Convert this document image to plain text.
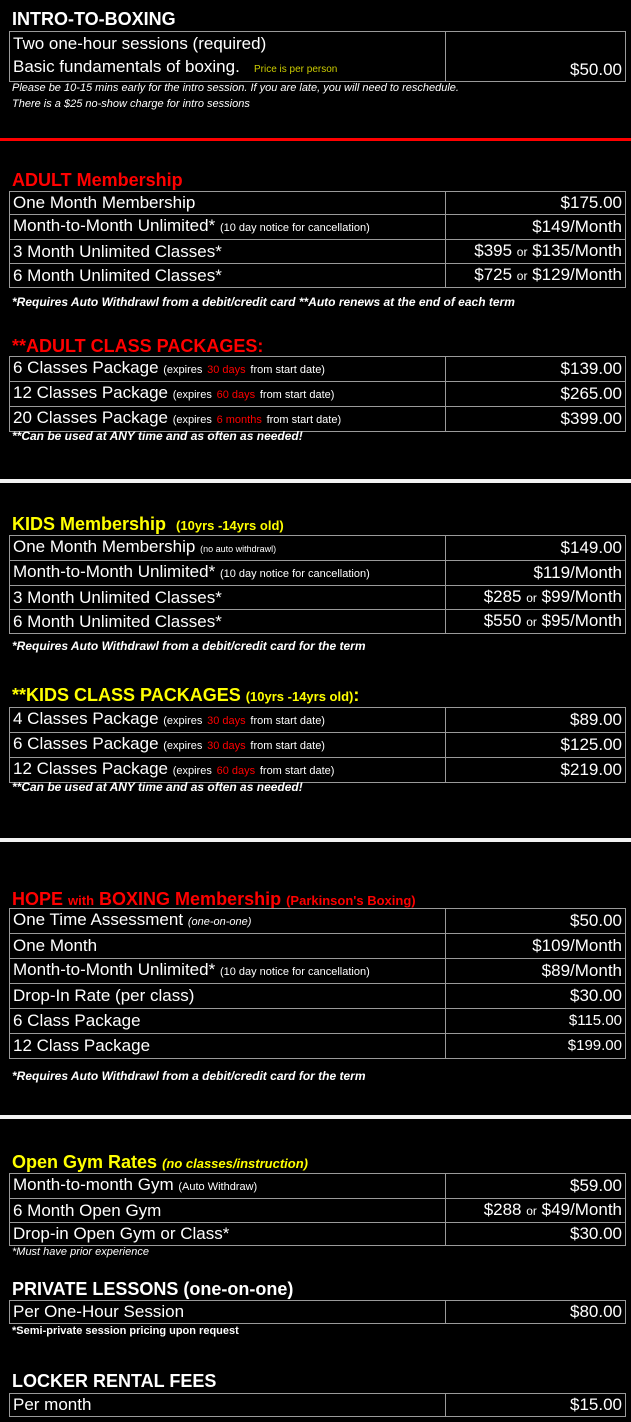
INTRO-TO-BOXING
Two one-hour sessions (required)	$50.00
Basic fundamentals of boxing. Price is per person
Please be 10-15 mins early for the intro session. If you are late, you will need to reschedule.
There is a $25 no-show charge for intro sessions
ADULT Membership
One Month Membership	$175.00
Month-to-Month Unlimited* (10 day notice for cancellation)	$149/Month
3 Month Unlimited Classes*	$395 or $135/Month
6 Month Unlimited Classes*	$725 or $129/Month
*Requires Auto Withdrawl from a debit/credit card **Auto renews at the end of each term
**ADULT CLASS PACKAGES:
6 Classes Package (expires 30 days from start date)	$139.00
12 Classes Package (expires 60 days from start date)	$265.00
20 Classes Package (expires 6 months from start date)	$399.00
**Can be used at ANY time and as often as needed!
KIDS Membership (10yrs -14yrs old)
One Month Membership (no auto withdrawl)	$149.00
Month-to-Month Unlimited* (10 day notice for cancellation)	$119/Month
3 Month Unlimited Classes*	$285 or $99/Month
6 Month Unlimited Classes*	$550 or $95/Month
*Requires Auto Withdrawl from a debit/credit card for the term
**KIDS CLASS PACKAGES (10yrs -14yrs old):
4 Classes Package (expires 30 days from start date)	$89.00
6 Classes Package (expires 30 days from start date)	$125.00
12 Classes Package (expires 60 days from start date)	$219.00
**Can be used at ANY time and as often as needed!
HOPE with BOXING Membership (Parkinson's Boxing)
One Time Assessment (one-on-one)	$50.00
One Month	$109/Month
Month-to-Month Unlimited* (10 day notice for cancellation)	$89/Month
Drop-In Rate (per class)	$30.00
6 Class Package	$115.00
12 Class Package	$199.00
*Requires Auto Withdrawl from a debit/credit card for the term
Open Gym Rates (no classes/instruction)
Month-to-month Gym (Auto Withdraw)	$59.00
6 Month Open Gym	$288 or $49/Month
Drop-in Open Gym or Class*	$30.00
*Must have prior experience
PRIVATE LESSONS (one-on-one)
Per One-Hour Session	$80.00
*Semi-private session pricing upon request
LOCKER RENTAL FEES
Per month	$15.00
